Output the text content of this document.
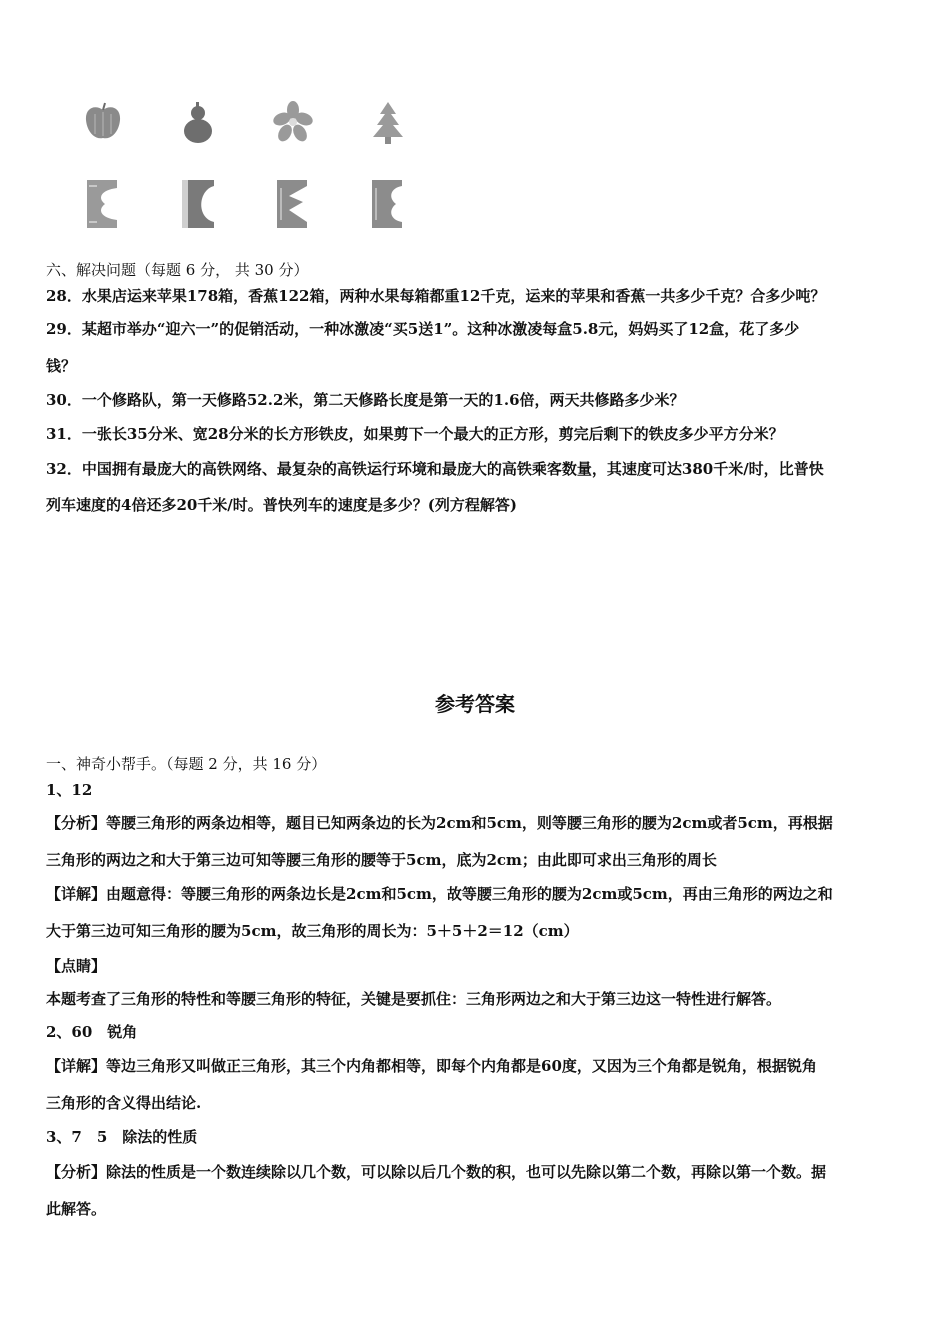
六、解决问题（每题 6 分， 共 30 分）
28．水果店运来苹果178箱，香蕉122箱，两种水果每箱都重12千克，运来的苹果和香蕉一共多少千克？合多少吨？
29．某超市举办“迎六一”的促销活动，一种冰激凌“买5送1”。这种冰激凌每盒5.8元，妈妈买了12盒，花了多少
钱？
30．一个修路队，第一天修路52.2米，第二天修路长度是第一天的1.6倍，两天共修路多少米？
31．一张长35分米、宽28分米的长方形铁皮，如果剪下一个最大的正方形，剪完后剩下的铁皮多少平方分米？
32．中国拥有最庞大的高铁网络、最复杂的高铁运行环境和最庞大的高铁乘客数量，其速度可达380千米/时，比普快
列车速度的4倍还多20千米/时。普快列车的速度是多少？(列方程解答)
参考答案
一、神奇小帮手。（每题 2 分，共 16 分）
1、12
【分析】等腰三角形的两条边相等，题目已知两条边的长为2cm和5cm，则等腰三角形的腰为2cm或者5cm，再根据
三角形的两边之和大于第三边可知等腰三角形的腰等于5cm，底为2cm；由此即可求出三角形的周长
【详解】由题意得：等腰三角形的两条边长是2cm和5cm，故等腰三角形的腰为2cm或5cm，再由三角形的两边之和
大于第三边可知三角形的腰为5cm，故三角形的周长为：5＋5＋2＝12（cm）
【点睛】
本题考查了三角形的特性和等腰三角形的特征，关键是要抓住：三角形两边之和大于第三边这一特性进行解答。
2、60　锐角
【详解】等边三角形又叫做正三角形，其三个内角都相等，即每个内角都是60度，又因为三个角都是锐角，根据锐角
三角形的含义得出结论.
3、7　5　除法的性质
【分析】除法的性质是一个数连续除以几个数，可以除以后几个数的积，也可以先除以第二个数，再除以第一个数。据
此解答。
